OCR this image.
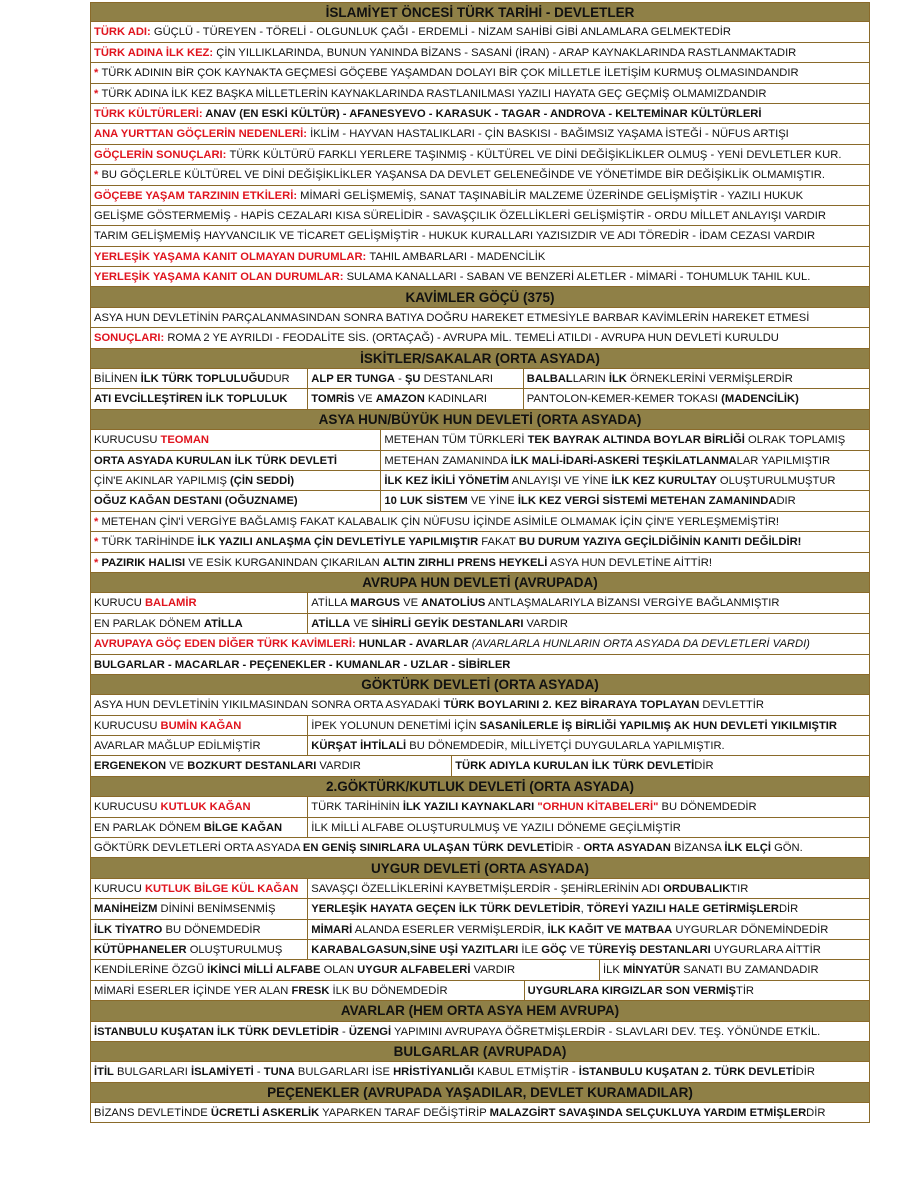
İSLAMİYET ÖNCESİ TÜRK TARİHİ - DEVLETLER
TÜRK ADI: GÜÇLÜ - TÜREYEN - TÖRELİ - OLGUNLUK ÇAĞI - ERDEMLİ - NİZAM SAHİBİ GİBİ ANLAMLARA GELMEKTEDİR
TÜRK ADINA İLK KEZ: ÇİN YILLIKLARINDA, BUNUN YANINDA BİZANS - SASANİ (İRAN) - ARAP KAYNAKLARINDA RASTLANMAKTADIR
* TÜRK ADININ BİR ÇOK KAYNAKTA GEÇMESİ GÖÇEBE YAŞAMDAN DOLAYI BİR ÇOK MİLLETLE İLETİŞİM KURMUŞ OLMASINDANDIR
* TÜRK ADINA İLK KEZ BAŞKA MİLLETLERİN KAYNAKLARINDA RASTLANILMASI YAZILI HAYATA GEÇ GEÇMİŞ OLMAMIZDANDIR
TÜRK KÜLTÜRLERİ: ANAV (EN ESKİ KÜLTÜR) - AFANESYEVO - KARASUK - TAGAR - ANDROVA - KELTEMİNAR KÜLTÜRLERİ
ANA YURTTAN GÖÇLERİN NEDENLERİ: İKLİM - HAYVAN HASTALIKLARI - ÇİN BASKISI - BAĞIMSIZ YAŞAMA İSTEĞİ - NÜFUS ARTIŞI
GÖÇLERİN SONUÇLARI: TÜRK KÜLTÜRÜ FARKLI YERLERE TAŞINMIŞ - KÜLTÜREL VE DİNİ DEĞİŞİKLİKLER OLMUŞ - YENİ DEVLETLER KUR.
* BU GÖÇLERLE KÜLTÜREL VE DİNİ DEĞİŞİKLİKLER YAŞANSA DA DEVLET GELENEĞİNDE VE YÖNETİMDE BİR DEĞİŞİKLİK OLMAMIŞTIR.
GÖÇEBE YAŞAM TARZININ ETKİLERİ: MİMARİ GELİŞMEMİŞ, SANAT TAŞINABİLİR MALZEME ÜZERİNDE GELİŞMİŞTİR - YAZILI HUKUK
GELİŞME GÖSTERMEMİŞ - HAPİS CEZALARI KISA SÜRELİDİR - SAVAŞÇILIK ÖZELLİKLERİ GELİŞMİŞTİR - ORDU MİLLET ANLAYIŞI VARDIR
TARIM GELİŞMEMİŞ HAYVANCILIK VE TİCARET GELİŞMİŞTİR - HUKUK KURALLARI YAZISIZDIR VE ADI TÖREDİR - İDAM CEZASI VARDIR
YERLEŞİK YAŞAMA KANIT OLMAYAN DURUMLAR: TAHIL AMBARLARI - MADENCİLİK
YERLEŞİK YAŞAMA KANIT OLAN DURUMLAR: SULAMA KANALLARI - SABAN VE BENZERİ ALETLER - MİMARİ - TOHUMLUK TAHIL KUL.
KAVİMLER GÖÇÜ (375)
ASYA HUN DEVLETİNİN PARÇALANMASINDAN SONRA BATIYA DOĞRU HAREKET ETMESİYLE BARBAR KAVİMLERİN HAREKET ETMESİ
SONUÇLARI: ROMA 2 YE AYRILDI - FEODALİTE SİS. (ORTAÇAĞ) - AVRUPA MİL. TEMELİ ATILDI - AVRUPA HUN DEVLETİ KURULDU
İSKİTLER/SAKALAR (ORTA ASYADA)
BİLİNEN İLK TÜRK TOPLULUĞUDUR	ALP ER TUNGA - ŞU DESTANLARI	BALBALLARIN İLK ÖRNEKLERİNİ VERMİŞLERDİR
ATI EVCİLLEŞTİREN İLK TOPLULUK	TOMRİS VE AMAZON KADINLARI	PANTOLON-KEMER-KEMER TOKASI (MADENCİLİK)
ASYA HUN/BÜYÜK HUN DEVLETİ (ORTA ASYADA)
KURUCUSU TEOMAN	METEHAN TÜM TÜRKLERİ TEK BAYRAK ALTINDA BOYLAR BİRLİĞİ OLRAK TOPLAMIŞ
ORTA ASYADA KURULAN İLK TÜRK DEVLETİ	METEHAN ZAMANINDA İLK MALİ-İDARİ-ASKERİ TEŞKİLATLANMALAR YAPILMIŞTIR
ÇİN'E AKINLAR YAPILMIŞ (ÇİN SEDDİ)	İLK KEZ İKİLİ YÖNETİM ANLAYIŞI VE YİNE İLK KEZ KURULTAY OLUŞTURULMUŞTUR
OĞUZ KAĞAN DESTANI (OĞUZNAME)	10 LUK SİSTEM VE YİNE İLK KEZ VERGİ SİSTEMİ METEHAN ZAMANINDADIR
* METEHAN ÇİN'İ VERGİYE BAĞLAMIŞ FAKAT KALABALIK ÇİN NÜFUSU İÇİNDE ASİMİLE OLMAMAK İÇİN ÇİN'E YERLEŞMEMİŞTİR!
* TÜRK TARİHİNDE İLK YAZILI ANLAŞMA ÇİN DEVLETİYLE YAPILMIŞTIR FAKAT BU DURUM YAZIYA GEÇİLDİĞİNİN KANITI DEĞİLDİR!
* PAZIRIK HALISI VE ESİK KURGANINDAN ÇIKARILAN ALTIN ZIRHLI PRENS HEYKELİ ASYA HUN DEVLETİNE AİTTİR!
AVRUPA HUN DEVLETİ (AVRUPADA)
KURUCU BALAMİR	ATİLLA MARGUS VE ANATOLİUS ANTLAŞMALARIYLA BİZANSI VERGİYE BAĞLANMIŞTIR
EN PARLAK DÖNEM ATİLLA	ATİLLA VE SİHİRLİ GEYİK DESTANLARI VARDIR
AVRUPAYA GÖÇ EDEN DİĞER TÜRK KAVİMLERİ: HUNLAR - AVARLAR (AVARLARLA HUNLARIN ORTA ASYADA DA DEVLETLERİ VARDI)
BULGARLAR - MACARLAR - PEÇENEKLER - KUMANLAR - UZLAR - SİBİRLER
GÖKTÜRK DEVLETİ (ORTA ASYADA)
ASYA HUN DEVLETİNİN YIKILMASINDAN SONRA ORTA ASYADAKİ TÜRK BOYLARINI 2. KEZ BİRARAYA TOPLAYAN DEVLETTİR
KURUCUSU BUMİN KAĞAN	İPEK YOLUNUN DENETİMİ İÇİN SASANİLERLE İŞ BİRLİĞİ YAPILMIŞ AK HUN DEVLETİ YIKILMIŞTIR
AVARLAR MAĞLUP EDİLMİŞTİR	KÜRŞAT İHTİLALİ BU DÖNEMDEDİR, MİLLİYETÇİ DUYGULARLA YAPILMIŞTIR.
ERGENEKON VE BOZKURT DESTANLARI VARDIR	TÜRK ADIYLA KURULAN İLK TÜRK DEVLETİDİR
2.GÖKTÜRK/KUTLUK DEVLETİ (ORTA ASYADA)
KURUCUSU KUTLUK KAĞAN	TÜRK TARİHİNİN İLK YAZILI KAYNAKLARI "ORHUN KİTABELERİ" BU DÖNEMDEDİR
EN PARLAK DÖNEM BİLGE KAĞAN	İLK MİLLİ ALFABE OLUŞTURULMUŞ VE YAZILI DÖNEME GEÇİLMİŞTİR
GÖKTÜRK DEVLETLERİ ORTA ASYADA EN GENİŞ SINIRLARA ULAŞAN TÜRK DEVLETİDİR - ORTA ASYADAN BİZANSA İLK ELÇİ GÖN.
UYGUR DEVLETİ (ORTA ASYADA)
KURUCU KUTLUK BİLGE KÜL KAĞAN	SAVAŞÇI ÖZELLİKLERİNİ KAYBETMİŞLERDİR - ŞEHİRLERİNİN ADI ORDUBALIKTIR
MANİHEİZM DİNİNİ BENİMSENMİŞ	YERLEŞİK HAYATA GEÇEN İLK TÜRK DEVLETİDİR, TÖREYİ YAZILI HALE GETİRMİŞLERDİR
İLK TİYATRO BU DÖNEMDEDİR	MİMARİ ALANDA ESERLER VERMİŞLERDİR, İLK KAĞIT VE MATBAA UYGURLAR DÖNEMİNDEDİR
KÜTÜPHANELER OLUŞTURULMUŞ	KARABALGASUN,SİNE UŞİ YAZITLARI İLE GÖÇ VE TÜREYİŞ DESTANLARI UYGURLARA AİTTİR
KENDİLERİNE ÖZGÜ İKİNCİ MİLLİ ALFABE OLAN UYGUR ALFABELERİ VARDIR	İLK MİNYATÜR SANATI BU ZAMANDADIR
MİMARİ ESERLER İÇİNDE YER ALAN FRESK İLK BU DÖNEMDEDİR	UYGURLARA KIRGIZLAR SON VERMİŞTİR
AVARLAR (HEM ORTA ASYA HEM AVRUPA)
İSTANBULU KUŞATAN İLK TÜRK DEVLETİDİR - ÜZENGİ YAPIMINI AVRUPAYA ÖĞRETMİŞLERDİR - SLAVLARI DEV. TEŞ. YÖNÜNDE ETKİL.
BULGARLAR (AVRUPADA)
İTİL BULGARLARI İSLAMİYETİ - TUNA BULGARLARI İSE HRİSTİYANLIĞI KABUL ETMİŞTİR - İSTANBULU KUŞATAN 2. TÜRK DEVLETİDİR
PEÇENEKLER (AVRUPADA YAŞADILAR, DEVLET KURAMADILAR)
BİZANS DEVLETİNDE ÜCRETLİ ASKERLİK YAPARKEN TARAF DEĞİŞTİRİP MALAZGİRT SAVAŞINDA SELÇUKLUYA YARDIM ETMİŞLERDİR
